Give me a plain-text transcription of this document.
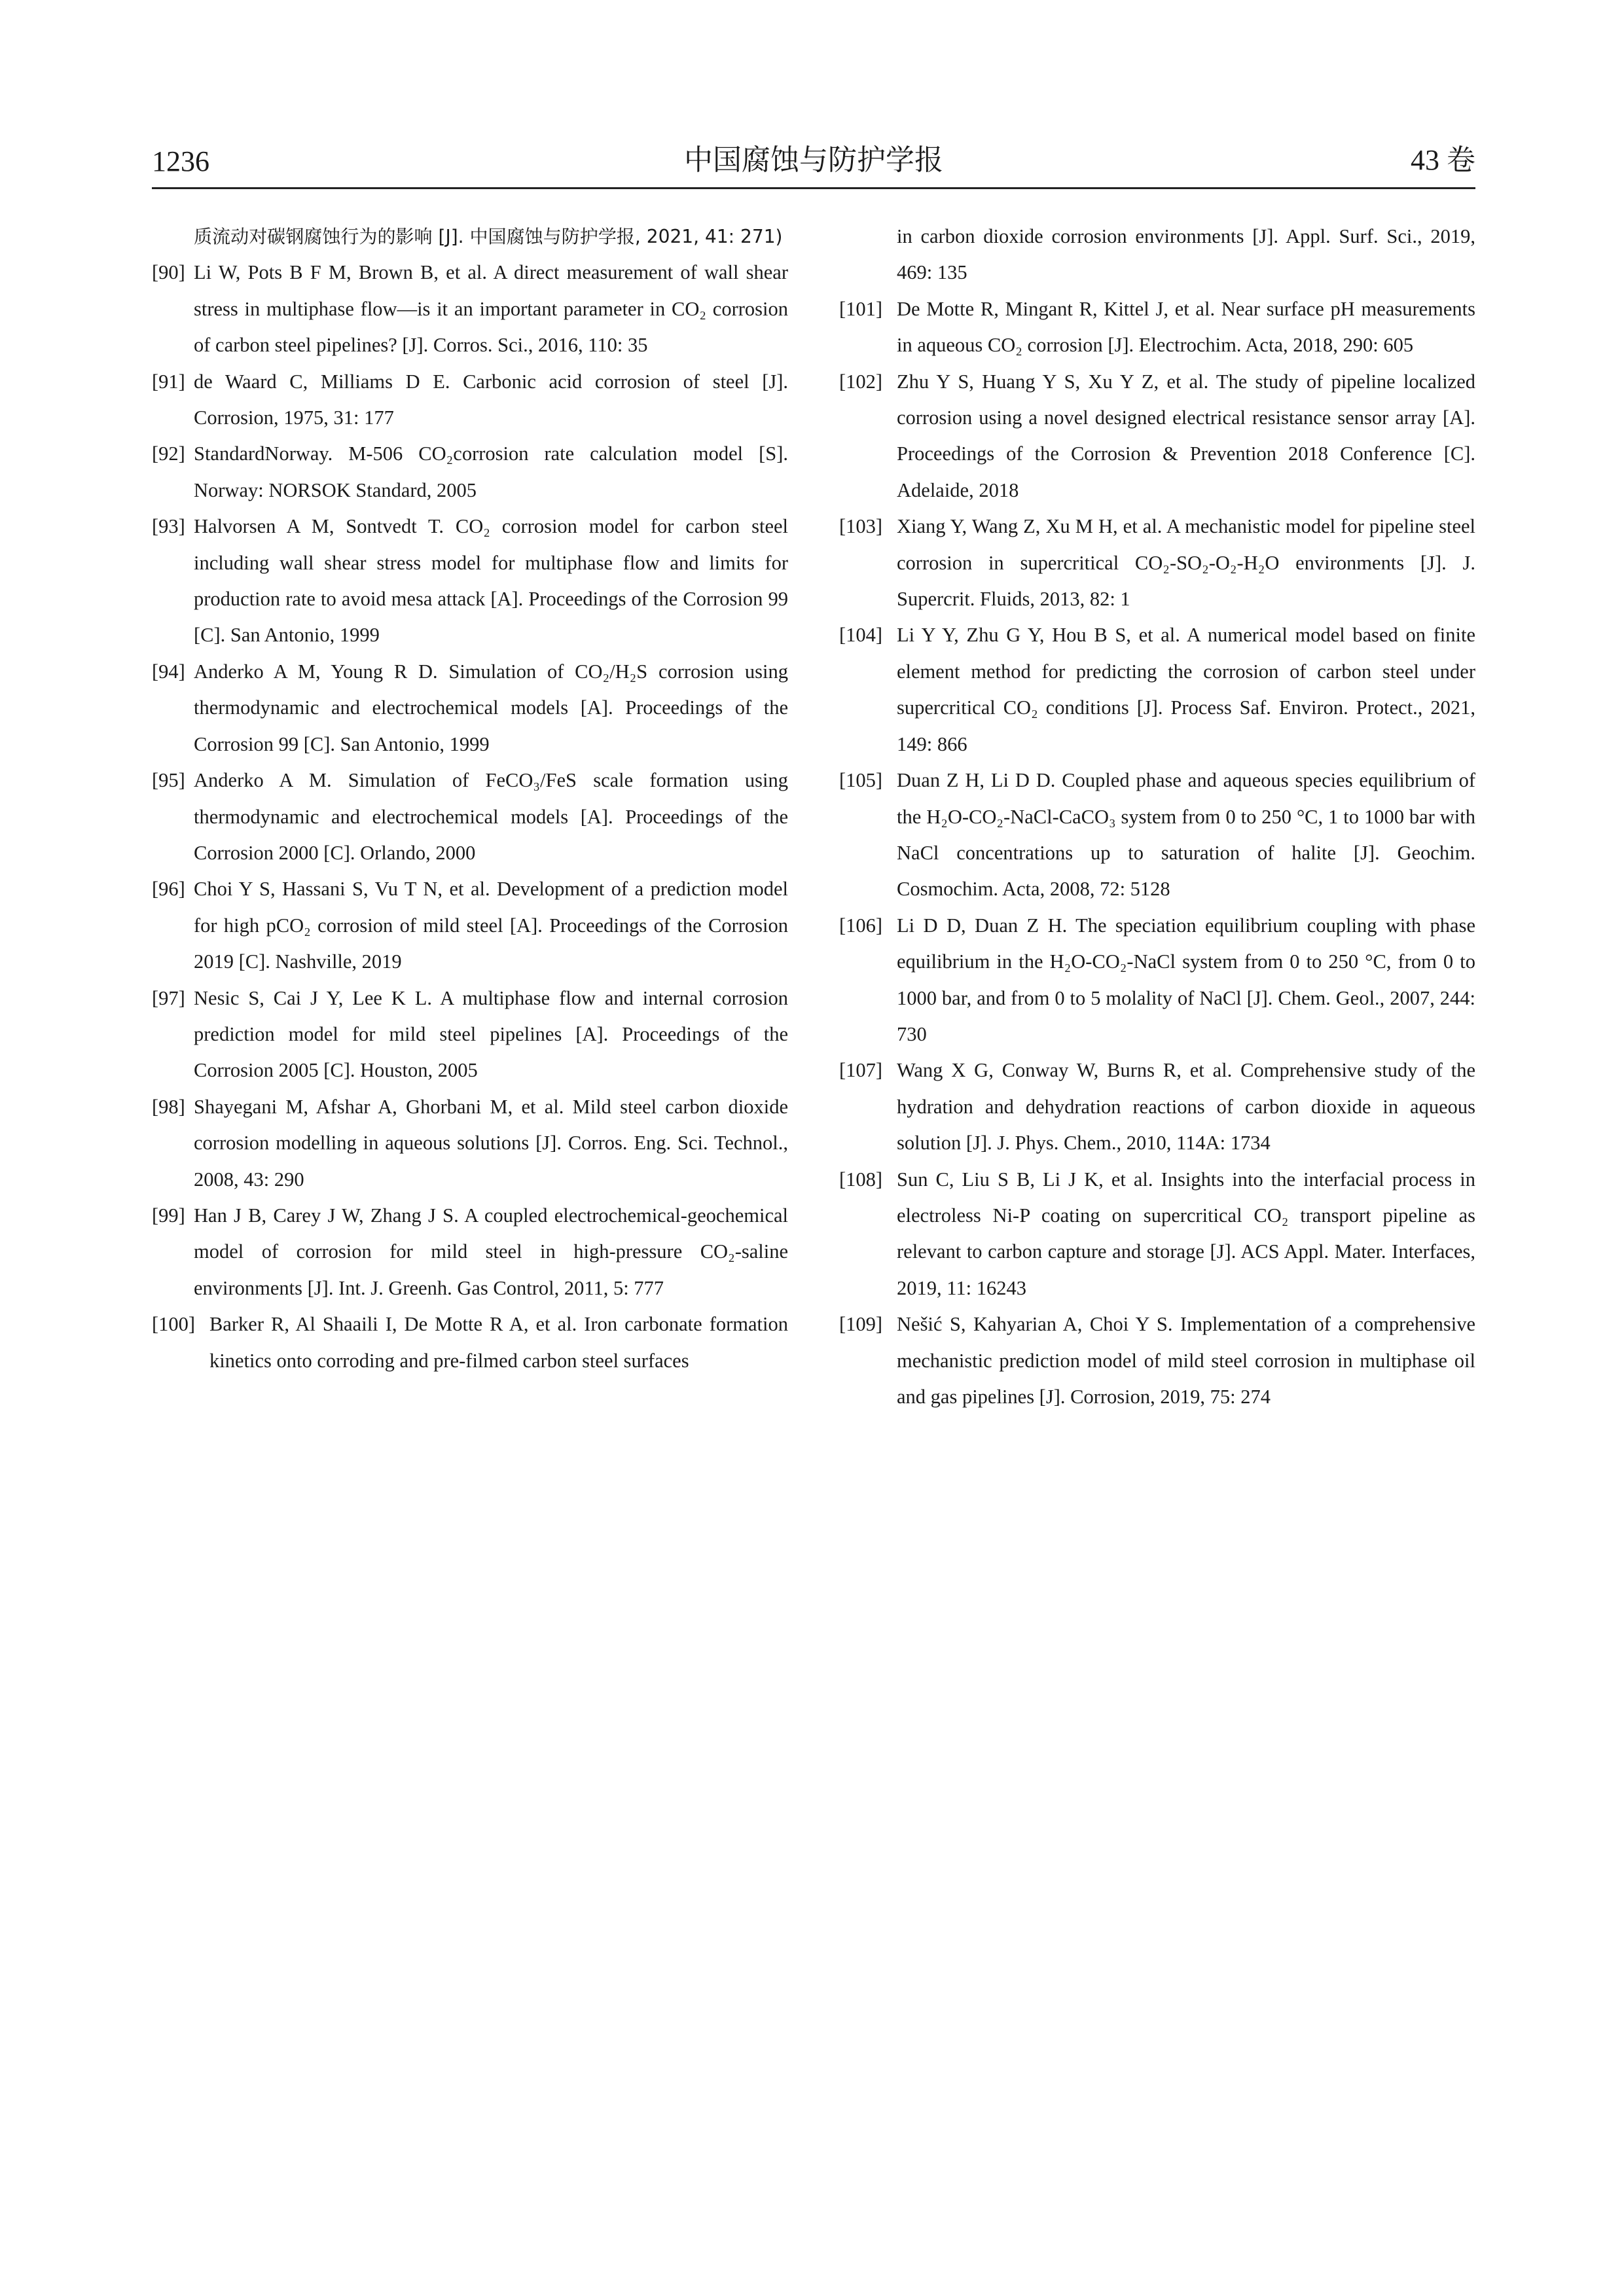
1236	中国腐蚀与防护学报	43 卷
质流动对碳钢腐蚀行为的影响 [J]. 中国腐蚀与防护学报, 2021, 41: 271)
[90] Li W, Pots B F M, Brown B, et al. A direct measurement of wall shear stress in multiphase flow—is it an important parameter in CO₂ corrosion of carbon steel pipelines? [J]. Corros. Sci., 2016, 110: 35
[91] de Waard C, Milliams D E. Carbonic acid corrosion of steel [J]. Corrosion, 1975, 31: 177
[92] StandardNorway. M-506 CO₂corrosion rate calculation model [S]. Norway: NORSOK Standard, 2005
[93] Halvorsen A M, Sontvedt T. CO₂ corrosion model for carbon steel including wall shear stress model for multiphase flow and limits for production rate to avoid mesa attack [A]. Proceedings of the Corrosion 99 [C]. San Antonio, 1999
[94] Anderko A M, Young R D. Simulation of CO₂/H₂S corrosion using thermodynamic and electrochemical models [A]. Proceedings of the Corrosion 99 [C]. San Antonio, 1999
[95] Anderko A M. Simulation of FeCO₃/FeS scale formation using thermodynamic and electrochemical models [A]. Proceedings of the Corrosion 2000 [C]. Orlando, 2000
[96] Choi Y S, Hassani S, Vu T N, et al. Development of a prediction model for high pCO₂ corrosion of mild steel [A]. Proceedings of the Corrosion 2019 [C]. Nashville, 2019
[97] Nesic S, Cai J Y, Lee K L. A multiphase flow and internal corrosion prediction model for mild steel pipelines [A]. Proceedings of the Corrosion 2005 [C]. Houston, 2005
[98] Shayegani M, Afshar A, Ghorbani M, et al. Mild steel carbon dioxide corrosion modelling in aqueous solutions [J]. Corros. Eng. Sci. Technol., 2008, 43: 290
[99] Han J B, Carey J W, Zhang J S. A coupled electrochemical-geochemical model of corrosion for mild steel in high-pressure CO₂-saline environments [J]. Int. J. Greenh. Gas Control, 2011, 5: 777
[100] Barker R, Al Shaaili I, De Motte R A, et al. Iron carbonate formation kinetics onto corroding and pre-filmed carbon steel surfaces
in carbon dioxide corrosion environments [J]. Appl. Surf. Sci., 2019, 469: 135
[101] De Motte R, Mingant R, Kittel J, et al. Near surface pH measurements in aqueous CO₂ corrosion [J]. Electrochim. Acta, 2018, 290: 605
[102] Zhu Y S, Huang Y S, Xu Y Z, et al. The study of pipeline localized corrosion using a novel designed electrical resistance sensor array [A]. Proceedings of the Corrosion & Prevention 2018 Conference [C]. Adelaide, 2018
[103] Xiang Y, Wang Z, Xu M H, et al. A mechanistic model for pipeline steel corrosion in supercritical CO₂-SO₂-O₂-H₂O environments [J]. J. Supercrit. Fluids, 2013, 82: 1
[104] Li Y Y, Zhu G Y, Hou B S, et al. A numerical model based on finite element method for predicting the corrosion of carbon steel under supercritical CO₂ conditions [J]. Process Saf. Environ. Protect., 2021, 149: 866
[105] Duan Z H, Li D D. Coupled phase and aqueous species equilibrium of the H₂O-CO₂-NaCl-CaCO₃ system from 0 to 250 °C, 1 to 1000 bar with NaCl concentrations up to saturation of halite [J]. Geochim. Cosmochim. Acta, 2008, 72: 5128
[106] Li D D, Duan Z H. The speciation equilibrium coupling with phase equilibrium in the H₂O-CO₂-NaCl system from 0 to 250 °C, from 0 to 1000 bar, and from 0 to 5 molality of NaCl [J]. Chem. Geol., 2007, 244: 730
[107] Wang X G, Conway W, Burns R, et al. Comprehensive study of the hydration and dehydration reactions of carbon dioxide in aqueous solution [J]. J. Phys. Chem., 2010, 114A: 1734
[108] Sun C, Liu S B, Li J K, et al. Insights into the interfacial process in electroless Ni-P coating on supercritical CO₂ transport pipeline as relevant to carbon capture and storage [J]. ACS Appl. Mater. Interfaces, 2019, 11: 16243
[109] Nešić S, Kahyarian A, Choi Y S. Implementation of a comprehensive mechanistic prediction model of mild steel corrosion in multiphase oil and gas pipelines [J]. Corrosion, 2019, 75: 274
